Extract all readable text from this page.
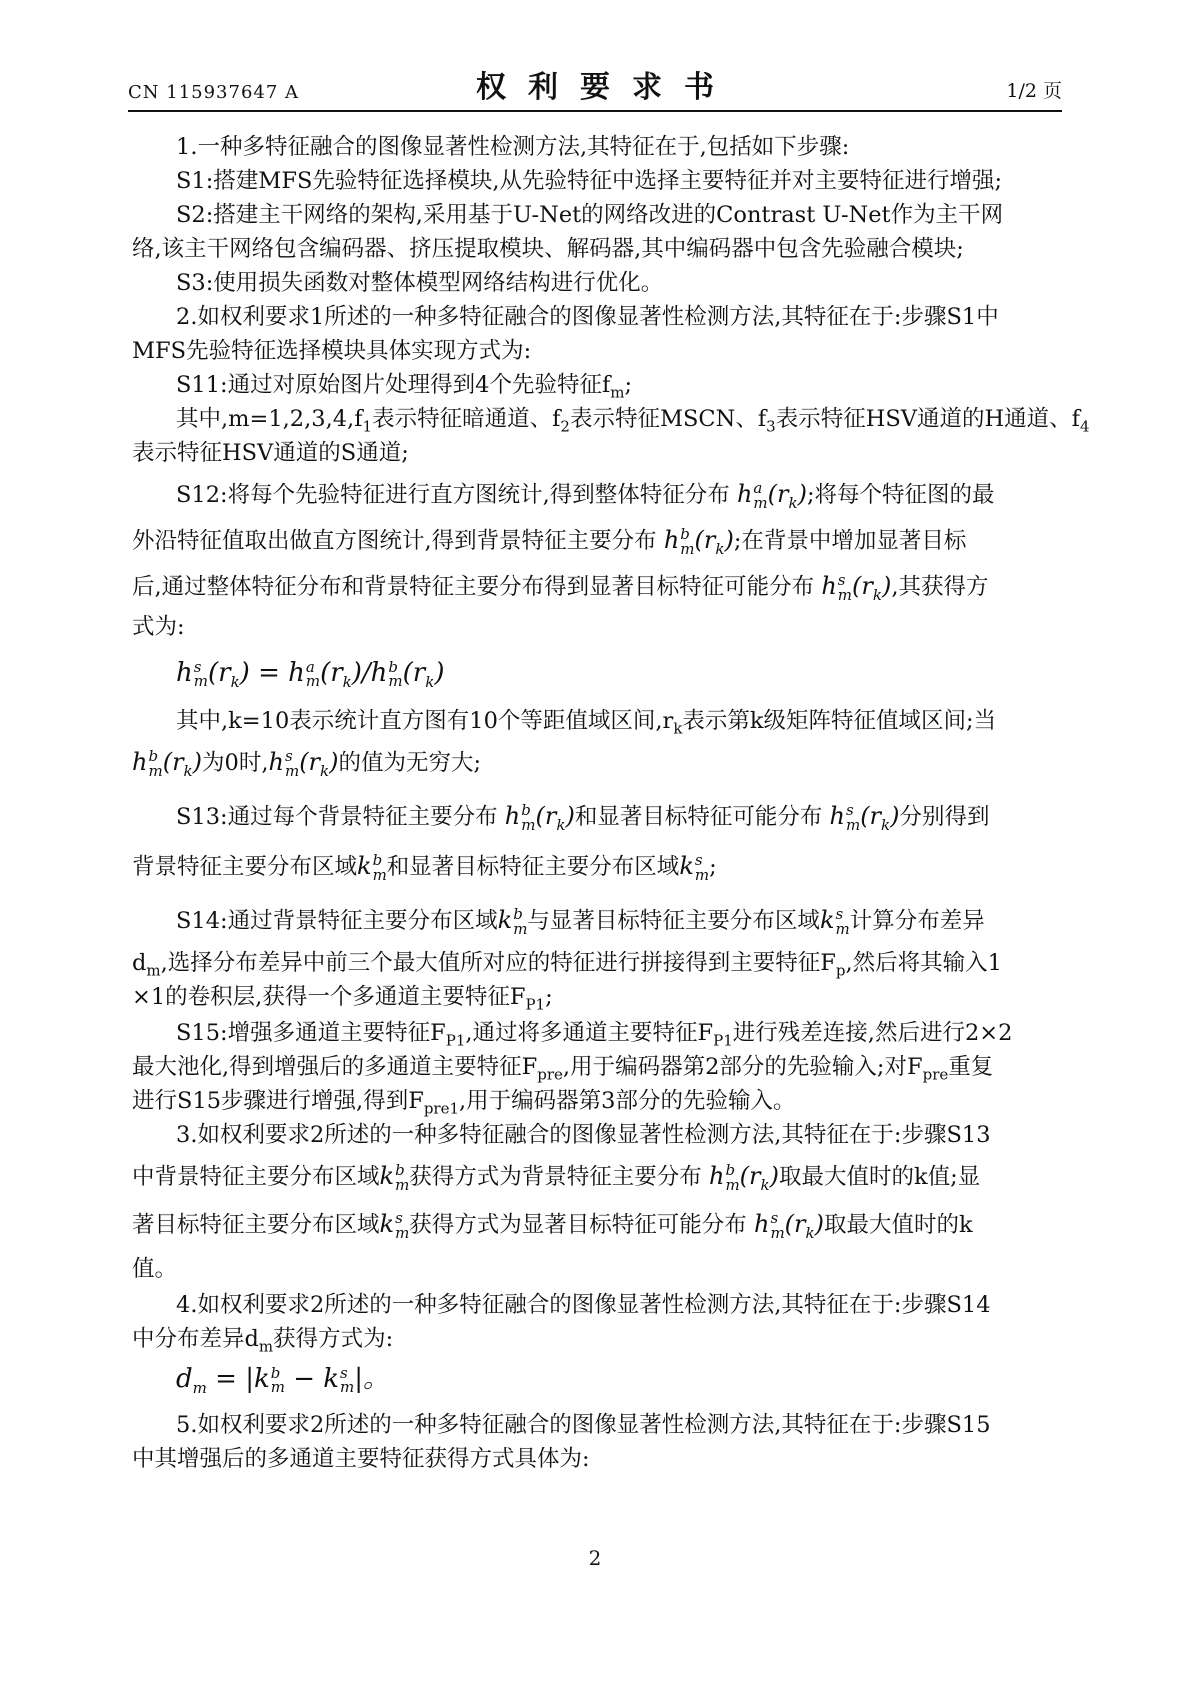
CN 115937647 A	权利要求书	1/2 页
1.一种多特征融合的图像显著性检测方法,其特征在于,包括如下步骤:
S1:搭建MFS先验特征选择模块,从先验特征中选择主要特征并对主要特征进行增强;
S2:搭建主干网络的架构,采用基于U-Net的网络改进的Contrast U-Net作为主干网
络,该主干网络包含编码器、挤压提取模块、解码器,其中编码器中包含先验融合模块;
S3:使用损失函数对整体模型网络结构进行优化。
2.如权利要求1所述的一种多特征融合的图像显著性检测方法,其特征在于:步骤S1中
MFS先验特征选择模块具体实现方式为:
S11:通过对原始图片处理得到4个先验特征$f_m$;
其中$,m=1,2,3,4,f_1$表示特征暗通道、$f_2$表示特征MSCN、$f_3$表示特征HSV通道的H通道、$f_4$
表示特征HSV通道的S通道;
S12:将每个先验特征进行直方图统计,得到整体特征分布 h a
m $(r_k)$;将每个特征图的最
外沿特征值取出做直方图统计,得到背景特征主要分布 h b
m $(r_k)$;在背景中增加显著目标
后,通过整体特征分布和背景特征主要分布得到显著目标特征可能分布 h s
m $(r_k)$,其获得方
式为:
h s
m $(r_k) = h$ a
m $(r_k)/h$ b
m $(r_k)$
其中,k=10表示统计直方图有10个等距值域区间$,r_k$表示第k级矩阵特征值域区间;当
h b
m $(r_k)$为0时,h s
m $(r_k)$的值为无穷大;
S13:通过每个背景特征主要分布 h b
m $(r_k)$和显著目标特征可能分布 h s
m $(r_k)$分别得到
背景特征主要分布区域k b
m 和显著目标特征主要分布区域k s
m ;
S14:通过背景特征主要分布区域k b
m 与显著目标特征主要分布区域k s
m 计算分布差异
$d_m$,选择分布差异中前三个最大值所对应的特征进行拼接得到主要特征$F_p$,然后将其输入1
×1的卷积层,获得一个多通道主要特征$F_{P1}$;
S15:增强多通道主要特征$F_{P1}$,通过将多通道主要特征$F_{P1}$进行残差连接,然后进行2×2
最大池化,得到增强后的多通道主要特征$F_{pre}$,用于编码器第2部分的先验输入;对$F_{pre}$重复
进行S15步骤进行增强,得到$F_{pre1}$,用于编码器第3部分的先验输入。
3.如权利要求2所述的一种多特征融合的图像显著性检测方法,其特征在于:步骤S13
中背景特征主要分布区域k b
m 获得方式为背景特征主要分布 h b
m $(r_k)$取最大值时的k值;显
著目标特征主要分布区域k s
m 获得方式为显著目标特征可能分布 h s
m $(r_k)$取最大值时的k
值。
4.如权利要求2所述的一种多特征融合的图像显著性检测方法,其特征在于:步骤S14
中分布差异$d_m$获得方式为:
$d_m = |k$ b
m − k s
m |。
5.如权利要求2所述的一种多特征融合的图像显著性检测方法,其特征在于:步骤S15
中其增强后的多通道主要特征获得方式具体为:
2
